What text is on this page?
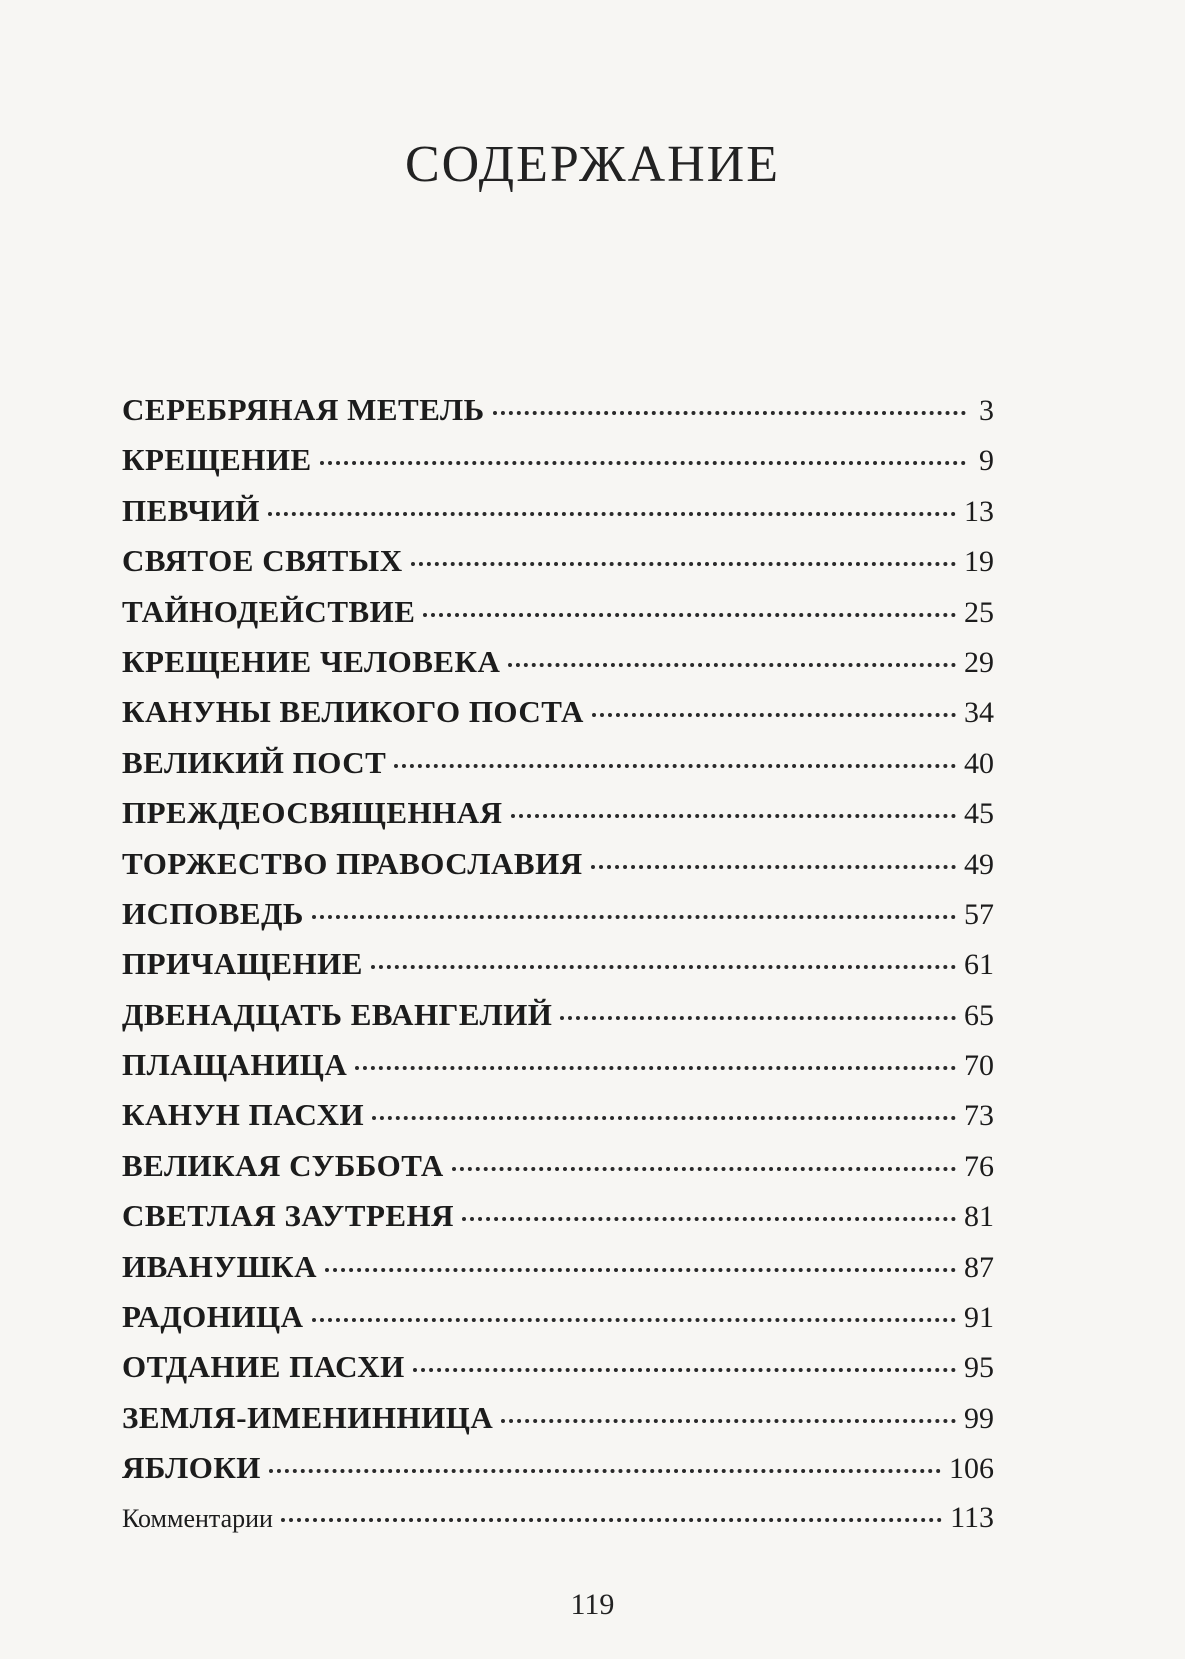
СОДЕРЖАНИЕ
СЕРЕБРЯНАЯ МЕТЕЛЬ	3
КРЕЩЕНИЕ	9
ПЕВЧИЙ	13
СВЯТОЕ СВЯТЫХ	19
ТАЙНОДЕЙСТВИЕ	25
КРЕЩЕНИЕ ЧЕЛОВЕКА	29
КАНУНЫ ВЕЛИКОГО ПОСТА	34
ВЕЛИКИЙ ПОСТ	40
ПРЕЖДЕОСВЯЩЕННАЯ	45
ТОРЖЕСТВО ПРАВОСЛАВИЯ	49
ИСПОВЕДЬ	57
ПРИЧАЩЕНИЕ	61
ДВЕНАДЦАТЬ ЕВАНГЕЛИЙ	65
ПЛАЩАНИЦА	70
КАНУН ПАСХИ	73
ВЕЛИКАЯ СУББОТА	76
СВЕТЛАЯ ЗАУТРЕНЯ	81
ИВАНУШКА	87
РАДОНИЦА	91
ОТДАНИЕ ПАСХИ	95
ЗЕМЛЯ-ИМЕНИННИЦА	99
ЯБЛОКИ	106
Комментарии	113
119
